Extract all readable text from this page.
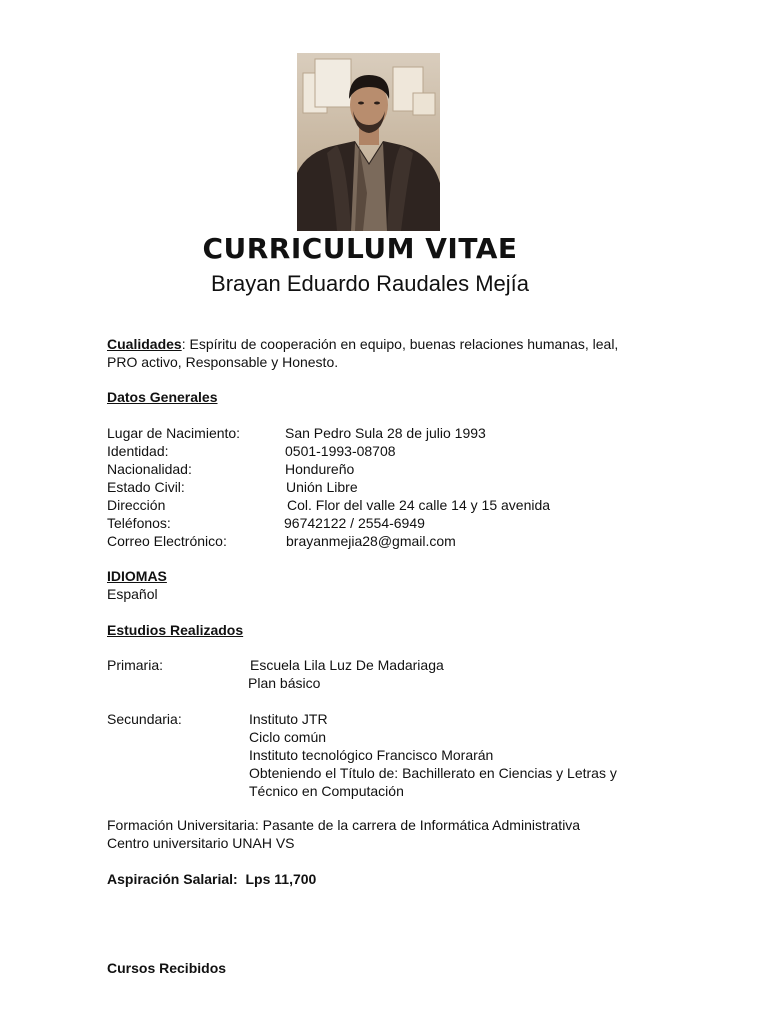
CURRICULUM VITAE
Brayan Eduardo Raudales Mejía
Cualidades: Espíritu de cooperación en equipo, buenas relaciones humanas, leal,
PRO activo, Responsable y Honesto.
Datos Generales
Lugar de Nacimiento:	San Pedro Sula 28 de julio 1993
Identidad:	0501-1993-08708
Nacionalidad:	Hondureño
Estado Civil:	Unión Libre
Dirección	Col. Flor del valle 24 calle 14 y 15 avenida
Teléfonos:	96742122 / 2554-6949
Correo Electrónico:	brayanmejia28@gmail.com
IDIOMAS
Español
Estudios Realizados
Primaria:	Escuela Lila Luz De Madariaga
Plan básico
Secundaria:	Instituto JTR
Ciclo común
Instituto tecnológico Francisco Morarán
Obteniendo el Título de: Bachillerato en Ciencias y Letras y
Técnico en Computación
Formación Universitaria: Pasante de la carrera de Informática Administrativa
Centro universitario UNAH VS
Aspiración Salarial: Lps 11,700
Cursos Recibidos
